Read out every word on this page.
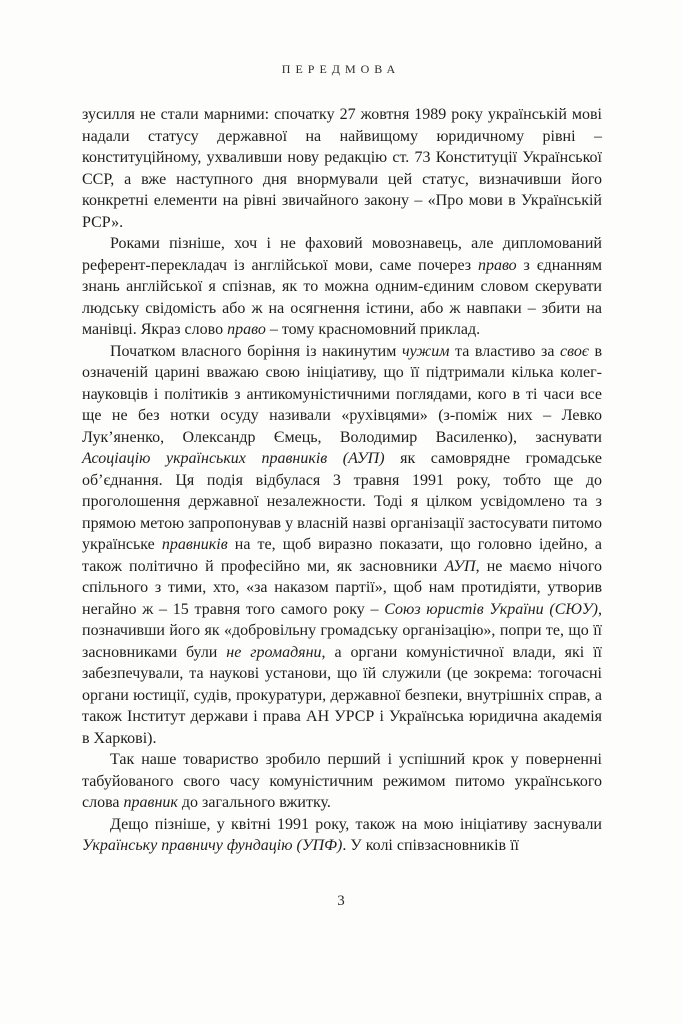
ПЕРЕДМОВА

зусилля не стали марними: спочатку 27 жовтня 1989 року українській мові надали статусу державної на найвищому юридичному рівні – конституційному, ухваливши нову редакцію ст. 73 Конституції Української ССР, а вже наступного дня внормували цей статус, визначивши його конкретні елементи на рівні звичайного закону – «Про мови в Українській РСР».

Роками пізніше, хоч і не фаховий мовознавець, але дипломований референт-перекладач із англійської мови, саме почерез право з єднанням знань англійської я спізнав, як то можна одним-єдиним словом скерувати людську свідомість або ж на осягнення істини, або ж навпаки – збити на манівці. Якраз слово право – тому красномовний приклад.

Початком власного боріння із накинутим чужим та властиво за своє в означеній царині вважаю свою ініціативу, що її підтримали кілька колег-науковців і політиків з антикомуністичними поглядами, кого в ті часи все ще не без нотки осуду називали «рухівцями» (з-поміж них – Левко Лук’яненко, Олександр Ємець, Володимир Василенко), заснувати Асоціацію українських правників (АУП) як самоврядне громадське об’єднання. Ця подія відбулася 3 травня 1991 року, тобто ще до проголошення державної незалежности. Тоді я цілком усвідомлено та з прямою метою запропонував у власній назві організації застосувати питомо українське правників на те, щоб виразно показати, що головно ідейно, а також політично й професійно ми, як засновники АУП, не маємо нічого спільного з тими, хто, «за наказом партії», щоб нам протидіяти, утворив негайно ж – 15 травня того самого року – Союз юристів України (СЮУ), позначивши його як «добровільну громадську організацію», попри те, що її засновниками були не громадяни, а органи комуністичної влади, які її забезпечували, та наукові установи, що їй служили (це зокрема: тогочасні органи юстиції, судів, прокуратури, державної безпеки, внутрішніх справ, а також Інститут держави і права АН УРСР і Українська юридична академія в Харкові).

Так наше товариство зробило перший і успішний крок у поверненні табуйованого свого часу комуністичним режимом питомо українського слова правник до загального вжитку.

Дещо пізніше, у квітні 1991 року, також на мою ініціативу заснували Українську правничу фундацію (УПФ). У колі співзасновників її

3
